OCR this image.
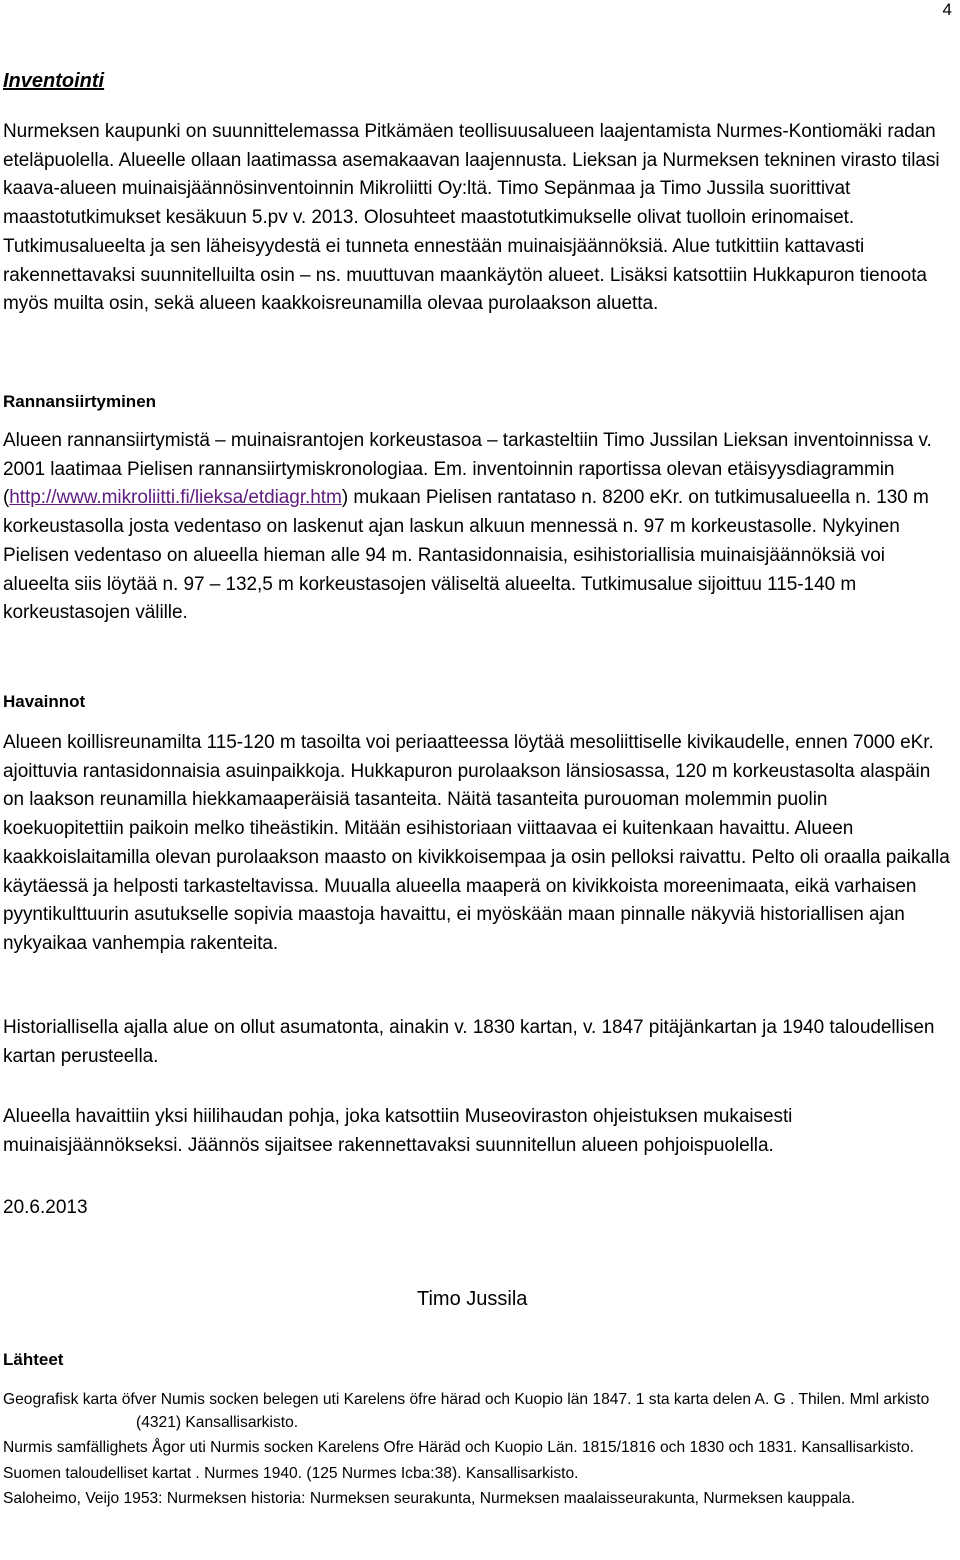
4
Inventointi

Nurmeksen kaupunki on suunnittelemassa Pitkämäen teollisuusalueen laajentamista Nurmes-Kontiomäki radan eteläpuolella. Alueelle ollaan laatimassa asemakaavan laajennusta. Lieksan ja Nurmeksen tekninen virasto tilasi kaava-alueen muinaisjäännösinventoinnin Mikroliitti Oy:ltä. Timo Sepänmaa ja Timo Jussila suorittivat maastotutkimukset kesäkuun 5.pv v. 2013. Olosuhteet maastotutkimukselle olivat tuolloin erinomaiset. Tutkimusalueelta ja sen läheisyydestä ei tunneta ennestään muinaisjäännöksiä. Alue tutkittiin kattavasti rakennettavaksi suunnitelluilta osin – ns. muuttuvan maankäytön alueet. Lisäksi katsottiin Hukkapuron tienoota myös muilta osin, sekä alueen kaakkoisreunamilla olevaa purolaakson aluetta.

Rannansiirtyminen

Alueen rannansiirtymistä – muinaisrantojen korkeustasoa – tarkasteltiin Timo Jussilan Lieksan inventoinnissa v. 2001 laatimaa Pielisen rannansiirtymiskronologiaa. Em. inventoinnin raportissa olevan etäisyysdiagrammin (http://www.mikroliitti.fi/lieksa/etdiagr.htm) mukaan Pielisen rantataso n. 8200 eKr. on tutkimusalueella n. 130 m korkeustasolla josta vedentaso on laskenut ajan laskun alkuun mennessä n. 97 m korkeustasolle. Nykyinen Pielisen vedentaso on alueella hieman alle 94 m. Rantasidonnaisia, esihistoriallisia muinaisjäännöksiä voi alueelta siis löytää n. 97 – 132,5 m korkeustasojen väliseltä alueelta. Tutkimusalue sijoittuu 115-140 m korkeustasojen välille.

Havainnot

Alueen koillisreunamilta 115-120 m tasoilta voi periaatteessa löytää mesoliittiselle kivikaudelle, ennen 7000 eKr. ajoittuvia rantasidonnaisia asuinpaikkoja. Hukkapuron purolaakson länsiosassa, 120 m korkeustasolta alaspäin on laakson reunamilla hiekkamaaperäisiä tasanteita. Näitä tasanteita purouoman molemmin puolin koekuopitettiin paikoin melko tiheästikin. Mitään esihistoriaan viittaavaa ei kuitenkaan havaittu. Alueen kaakkoislaitamilla olevan purolaakson maasto on kivikkoisempaa ja osin pelloksi raivattu. Pelto oli oraalla paikalla käytäessä ja helposti tarkasteltavissa. Muualla alueella maaperä on kivikkoista moreenimaata, eikä varhaisen pyyntikulttuurin asutukselle sopivia maastoja havaittu, ei myöskään maan pinnalle näkyviä historiallisen ajan nykyaikaa vanhempia rakenteita.

Historiallisella ajalla alue on ollut asumatonta, ainakin v. 1830 kartan, v. 1847 pitäjänkartan ja 1940 taloudellisen kartan perusteella.

Alueella havaittiin yksi hiilihaudan pohja, joka katsottiin Museoviraston ohjeistuksen mukaisesti muinaisjäännökseksi. Jäännös sijaitsee rakennettavaksi suunnitellun alueen pohjoispuolella.

20.6.2013
Timo Jussila
Lähteet
Geografisk karta öfver Numis socken belegen uti Karelens öfre härad och Kuopio län 1847. 1 sta karta delen A. G . Thilen. Mml arkisto (4321) Kansallisarkisto.
Nurmis samfällighets Ågor uti Nurmis socken Karelens Ofre Häräd och Kuopio Län. 1815/1816 och 1830 och 1831. Kansallisarkisto.
Suomen taloudelliset kartat . Nurmes 1940. (125 Nurmes Icba:38). Kansallisarkisto.
Saloheimo, Veijo 1953: Nurmeksen historia: Nurmeksen seurakunta, Nurmeksen maalaisseurakunta, Nurmeksen kauppala.
